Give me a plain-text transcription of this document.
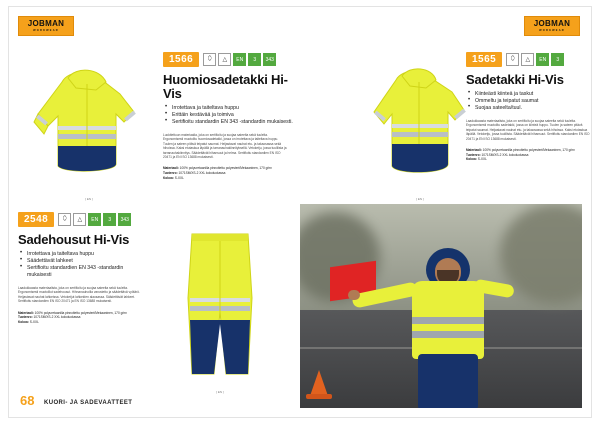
JOBMAN
WORKWEAR
JOBMAN
WORKWEAR
[ EN ]
1566	⬯	△	EN	3	343
Huomiosadetakki Hi-Vis
• Irrotettava ja taiteltava huppu
• Erittäin kestävää ja toimiva
• Sertifioitu standardin EN 343 -standardin mukaisesti.
Luokitettuun materiaalia, joka on sertifioitu ja suojaa sateelta sekä tuulelta. Ergonomisesti muotoiltu huomiosadetakki, jossa on irrotettava ja taiteltava huppu. Tuulen ja sateen pitävä teipatut saumat. Heijastavat nauhat etu- ja takaosassa sekä hihoissa. Kaksi etutaskua läpällä ja tarranauhakiinnityksellä. Vetoketju, jossa tuulilista ja tarranauhakiinnitys. Säädettävät hihansuut ja helma. Sertifioitu standardien EN ISO 20471 ja EN ISO 13688 mukaisesti.
Materiaali: 100% polyuretaanilla pinnoitettu polyesteri/Mekaaninen, 170 g/m²
Tuotenro: 1071SM/XS-2 XXL kokoluokassa
Kokoa: S-XXL
[ EN ]
1565	⬯	△	EN	3
Sadetakki Hi-Vis
• Kiinteästi kiinteä ja taskut
• Ommeltu ja teipatut saumat
• Suojaa sateelta/tuul.
Laadukkaasta materiaalista, joka on sertifioitu ja suojaa sateelta sekä tuulelta. Ergonomisesti muotoiltu sadetakki, jossa on kiinteä huppu. Tuulen ja sateen pitävä teipatut saumat. Heijastavat nauhat etu- ja takaosassa sekä hihoissa. Kaksi etutaskua läpällä. Vetoketju, jossa tuulilista. Säädettävät hihansuut. Sertifioitu standardien EN ISO 20471 ja EN ISO 13688 mukaisesti.
Materiaali: 100% polyuretaanilla pinnoitettu polyesteri/Mekaaninen, 170 g/m²
Tuotenro: 1071SM/XS-2 XXL kokoluokassa
Kokoa: S-XXL
2548	⬯	△	EN	3	343
Sadehousut Hi-Vis
• Irrotettava ja taiteltava huppu
• Säädettävät lahkeet
• Sertifioitu standardien EN 343 -standardin mukaisesti
Laadukkaasta materiaalista, joka on sertifioitu ja suojaa sateelta sekä tuulelta. Ergonomisesti muotoillut sadehousut. Hihnanauhoilla varustettu ja säädettävä vyötärö. Heijastavat nauhat lahkeissa. Vetoketjut lahkeiden alaosassa. Säädettävät lahkeet. Sertifioitu standardien EN ISO 20471 ja EN ISO 13688 mukaisesti.
Materiaali: 100% polyuretaanilla pinnoitettu polyesteri/Mekaaninen, 170 g/m²
Tuotenro: 1071SM/XS-2 XXL kokoluokassa
Kokoa: S-XXL
[ EN ]
68 KUORI- JA SADEVAATTEET
